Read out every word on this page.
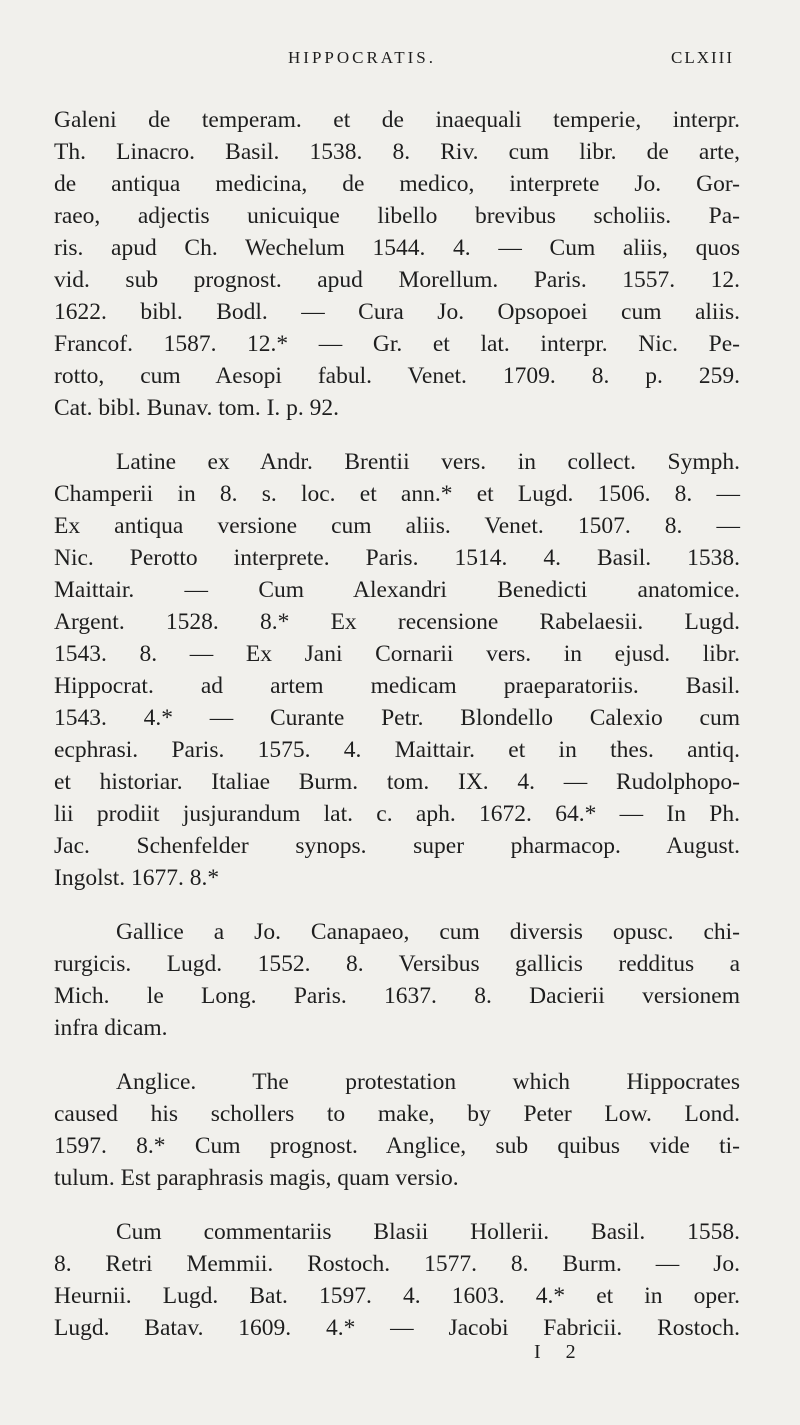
HIPPOCRATIS.	CLXIII
Galeni de temperam. et de inaequali temperie, interpr.
Th. Linacro. Basil. 1538. 8. Riv. cum libr. de arte,
de antiqua medicina, de medico, interprete Jo. Gor-
raeo, adjectis unicuique libello brevibus scholiis. Pa-
ris. apud Ch. Wechelum 1544. 4. — Cum aliis, quos
vid. sub prognost. apud Morellum. Paris. 1557. 12.
1622. bibl. Bodl. — Cura Jo. Opsopoei cum aliis.
Francof. 1587. 12.* — Gr. et lat. interpr. Nic. Pe-
rotto, cum Aesopi fabul. Venet. 1709. 8. p. 259.
Cat. bibl. Bunav. tom. I. p. 92.
Latine ex Andr. Brentii vers. in collect. Symph.
Champerii in 8. s. loc. et ann.* et Lugd. 1506. 8. —
Ex antiqua versione cum aliis. Venet. 1507. 8. —
Nic. Perotto interprete. Paris. 1514. 4. Basil. 1538.
Maittair. — Cum Alexandri Benedicti anatomice.
Argent. 1528. 8.* Ex recensione Rabelaesii. Lugd.
1543. 8. — Ex Jani Cornarii vers. in ejusd. libr.
Hippocrat. ad artem medicam praeparatoriis. Basil.
1543. 4.* — Curante Petr. Blondello Calexio cum
ecphrasi. Paris. 1575. 4. Maittair. et in thes. antiq.
et historiar. Italiae Burm. tom. IX. 4. — Rudolphopo-
lii prodiit jusjurandum lat. c. aph. 1672. 64.* — In Ph.
Jac. Schenfelder synops. super pharmacop. August.
Ingolst. 1677. 8.*
Gallice a Jo. Canapaeo, cum diversis opusc. chi-
rurgicis. Lugd. 1552. 8. Versibus gallicis redditus a
Mich. le Long. Paris. 1637. 8. Dacierii versionem
infra dicam.
Anglice. The protestation which Hippocrates
caused his schollers to make, by Peter Low. Lond.
1597. 8.* Cum prognost. Anglice, sub quibus vide ti-
tulum. Est paraphrasis magis, quam versio.
Cum commentariis Blasii Hollerii. Basil. 1558.
8. Retri Memmii. Rostoch. 1577. 8. Burm. — Jo.
Heurnii. Lugd. Bat. 1597. 4. 1603. 4.* et in oper.
Lugd. Batav. 1609. 4.* — Jacobi Fabricii. Rostoch.
I 2
